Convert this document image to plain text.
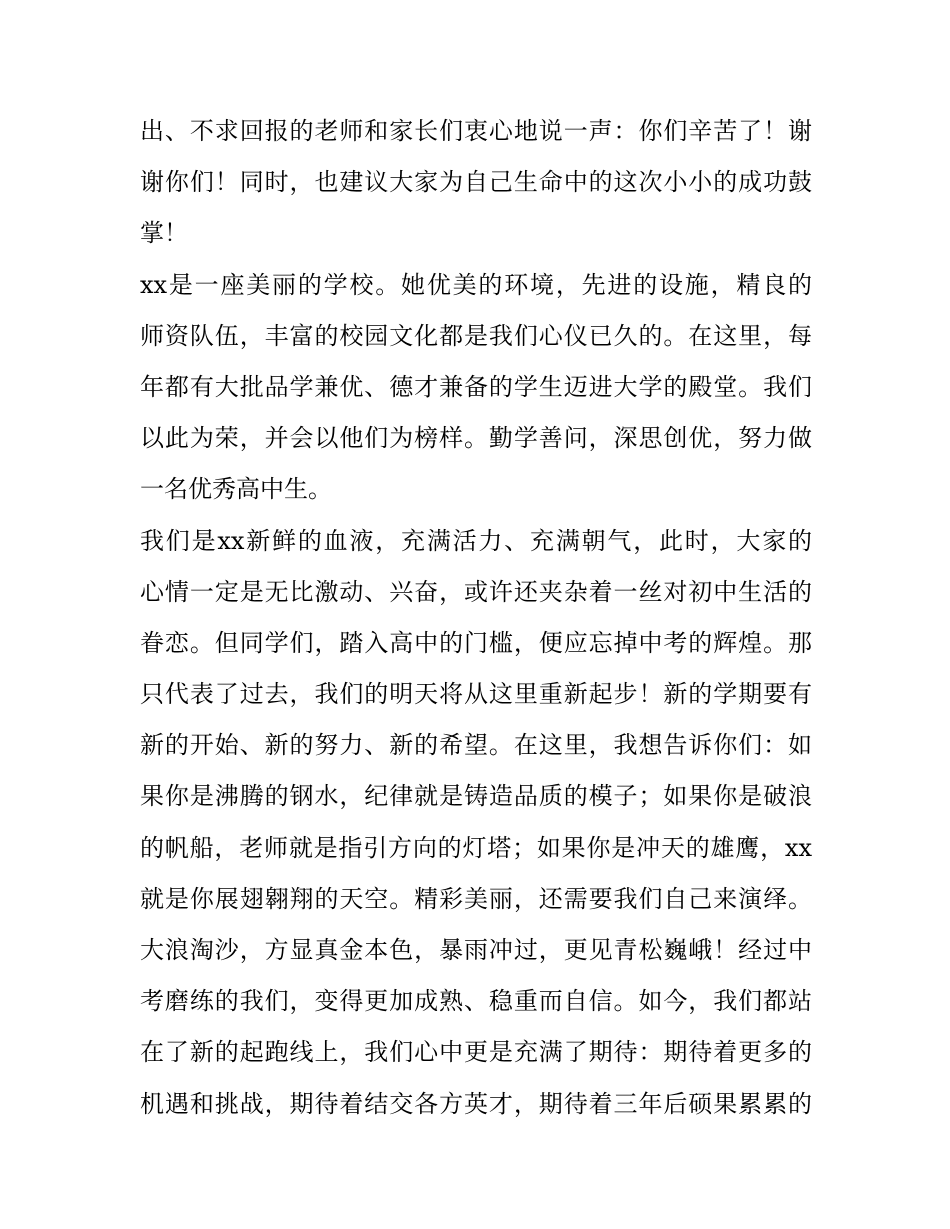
出、不求回报的老师和家长们衷心地说一声：你们辛苦了！谢
谢你们！同时，也建议大家为自己生命中的这次小小的成功鼓
掌！
xx是一座美丽的学校。她优美的环境，先进的设施，精良的
师资队伍，丰富的校园文化都是我们心仪已久的。在这里，每
年都有大批品学兼优、德才兼备的学生迈进大学的殿堂。我们
以此为荣，并会以他们为榜样。勤学善问，深思创优，努力做
一名优秀高中生。
我们是xx新鲜的血液，充满活力、充满朝气，此时，大家的
心情一定是无比激动、兴奋，或许还夹杂着一丝对初中生活的
眷恋。但同学们，踏入高中的门槛，便应忘掉中考的辉煌。那
只代表了过去，我们的明天将从这里重新起步！新的学期要有
新的开始、新的努力、新的希望。在这里，我想告诉你们：如
果你是沸腾的钢水，纪律就是铸造品质的模子；如果你是破浪
的帆船，老师就是指引方向的灯塔；如果你是冲天的雄鹰，xx
就是你展翅翱翔的天空。精彩美丽，还需要我们自己来演绎。
大浪淘沙，方显真金本色，暴雨冲过，更见青松巍峨！经过中
考磨练的我们，变得更加成熟、稳重而自信。如今，我们都站
在了新的起跑线上，我们心中更是充满了期待：期待着更多的
机遇和挑战，期待着结交各方英才，期待着三年后硕果累累的
